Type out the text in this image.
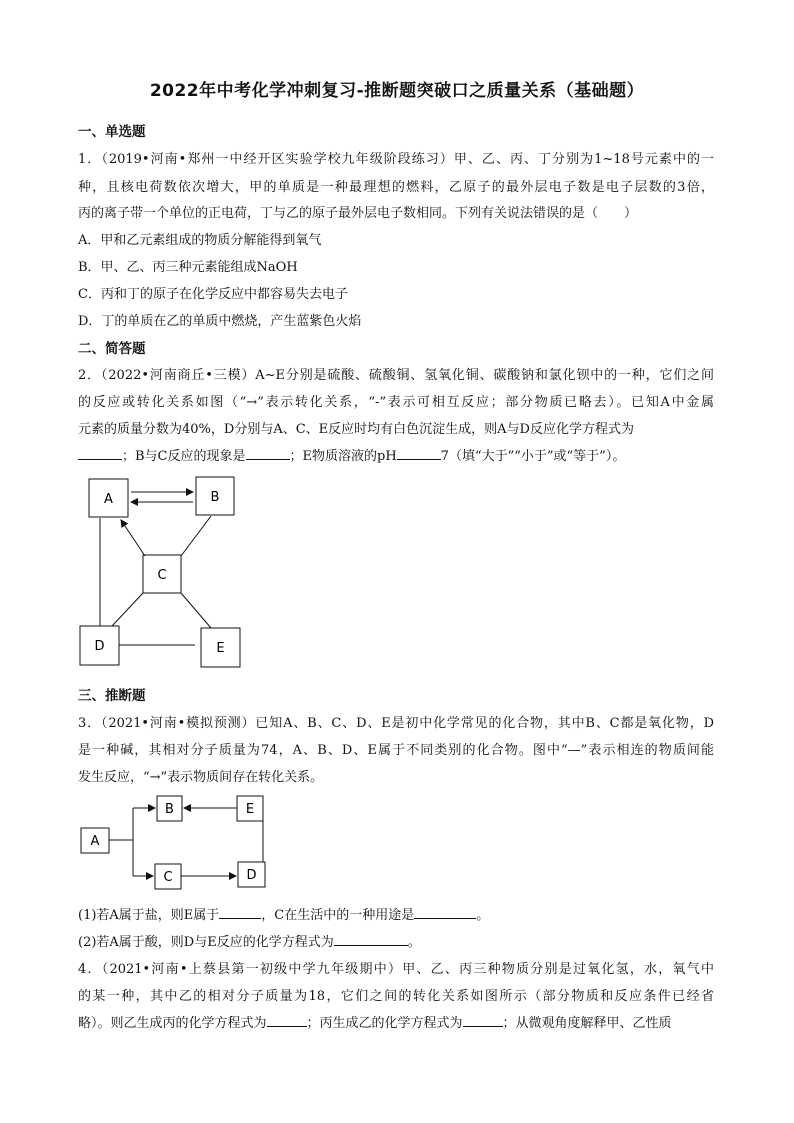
2022年中考化学冲刺复习-推断题突破口之质量关系（基础题）
一、单选题
1．（2019•河南•郑州一中经开区实验学校九年级阶段练习）甲、乙、丙、丁分别为1~18号元素中的一
种，且核电荷数依次增大，甲的单质是一种最理想的燃料，乙原子的最外层电子数是电子层数的3倍，
丙的离子带一个单位的正电荷，丁与乙的原子最外层电子数相同。下列有关说法错误的是（　　）
A．甲和乙元素组成的物质分解能得到氧气
B．甲、乙、丙三种元素能组成NaOH
C．丙和丁的原子在化学反应中都容易失去电子
D．丁的单质在乙的单质中燃烧，产生蓝紫色火焰
二、简答题
2．（2022•河南商丘•三模）A~E分别是硫酸、硫酸铜、氢氧化铜、碳酸钠和氯化钡中的一种，它们之间
的反应或转化关系如图（“→”表示转化关系，“-”表示可相互反应；部分物质已略去）。已知A中金属
元素的质量分数为40%，D分别与A、C、E反应时均有白色沉淀生成，则A与D反应化学方程式为
；B与C反应的现象是	；E物质溶液的pH	7（填“大于”“小于”或“等于”）。
A	B
C
D	E
A
B	E
C	D
三、推断题
3．（2021•河南•模拟预测）已知A、B、C、D、E是初中化学常见的化合物，其中B、C都是氧化物，D
是一种碱，其相对分子质量为74，A、B、D、E属于不同类别的化合物。图中“—”表示相连的物质间能
发生反应，“→”表示物质间存在转化关系。
(1)若A属于盐，则E属于	，C在生活中的一种用途是	。
(2)若A属于酸，则D与E反应的化学方程式为	。
4．（2021•河南•上蔡县第一初级中学九年级期中）甲、乙、丙三种物质分别是过氧化氢，水，氧气中
的某一种，其中乙的相对分子质量为18，它们之间的转化关系如图所示（部分物质和反应条件已经省
略）。则乙生成丙的化学方程式为	；丙生成乙的化学方程式为	；从微观角度解释甲、乙性质
